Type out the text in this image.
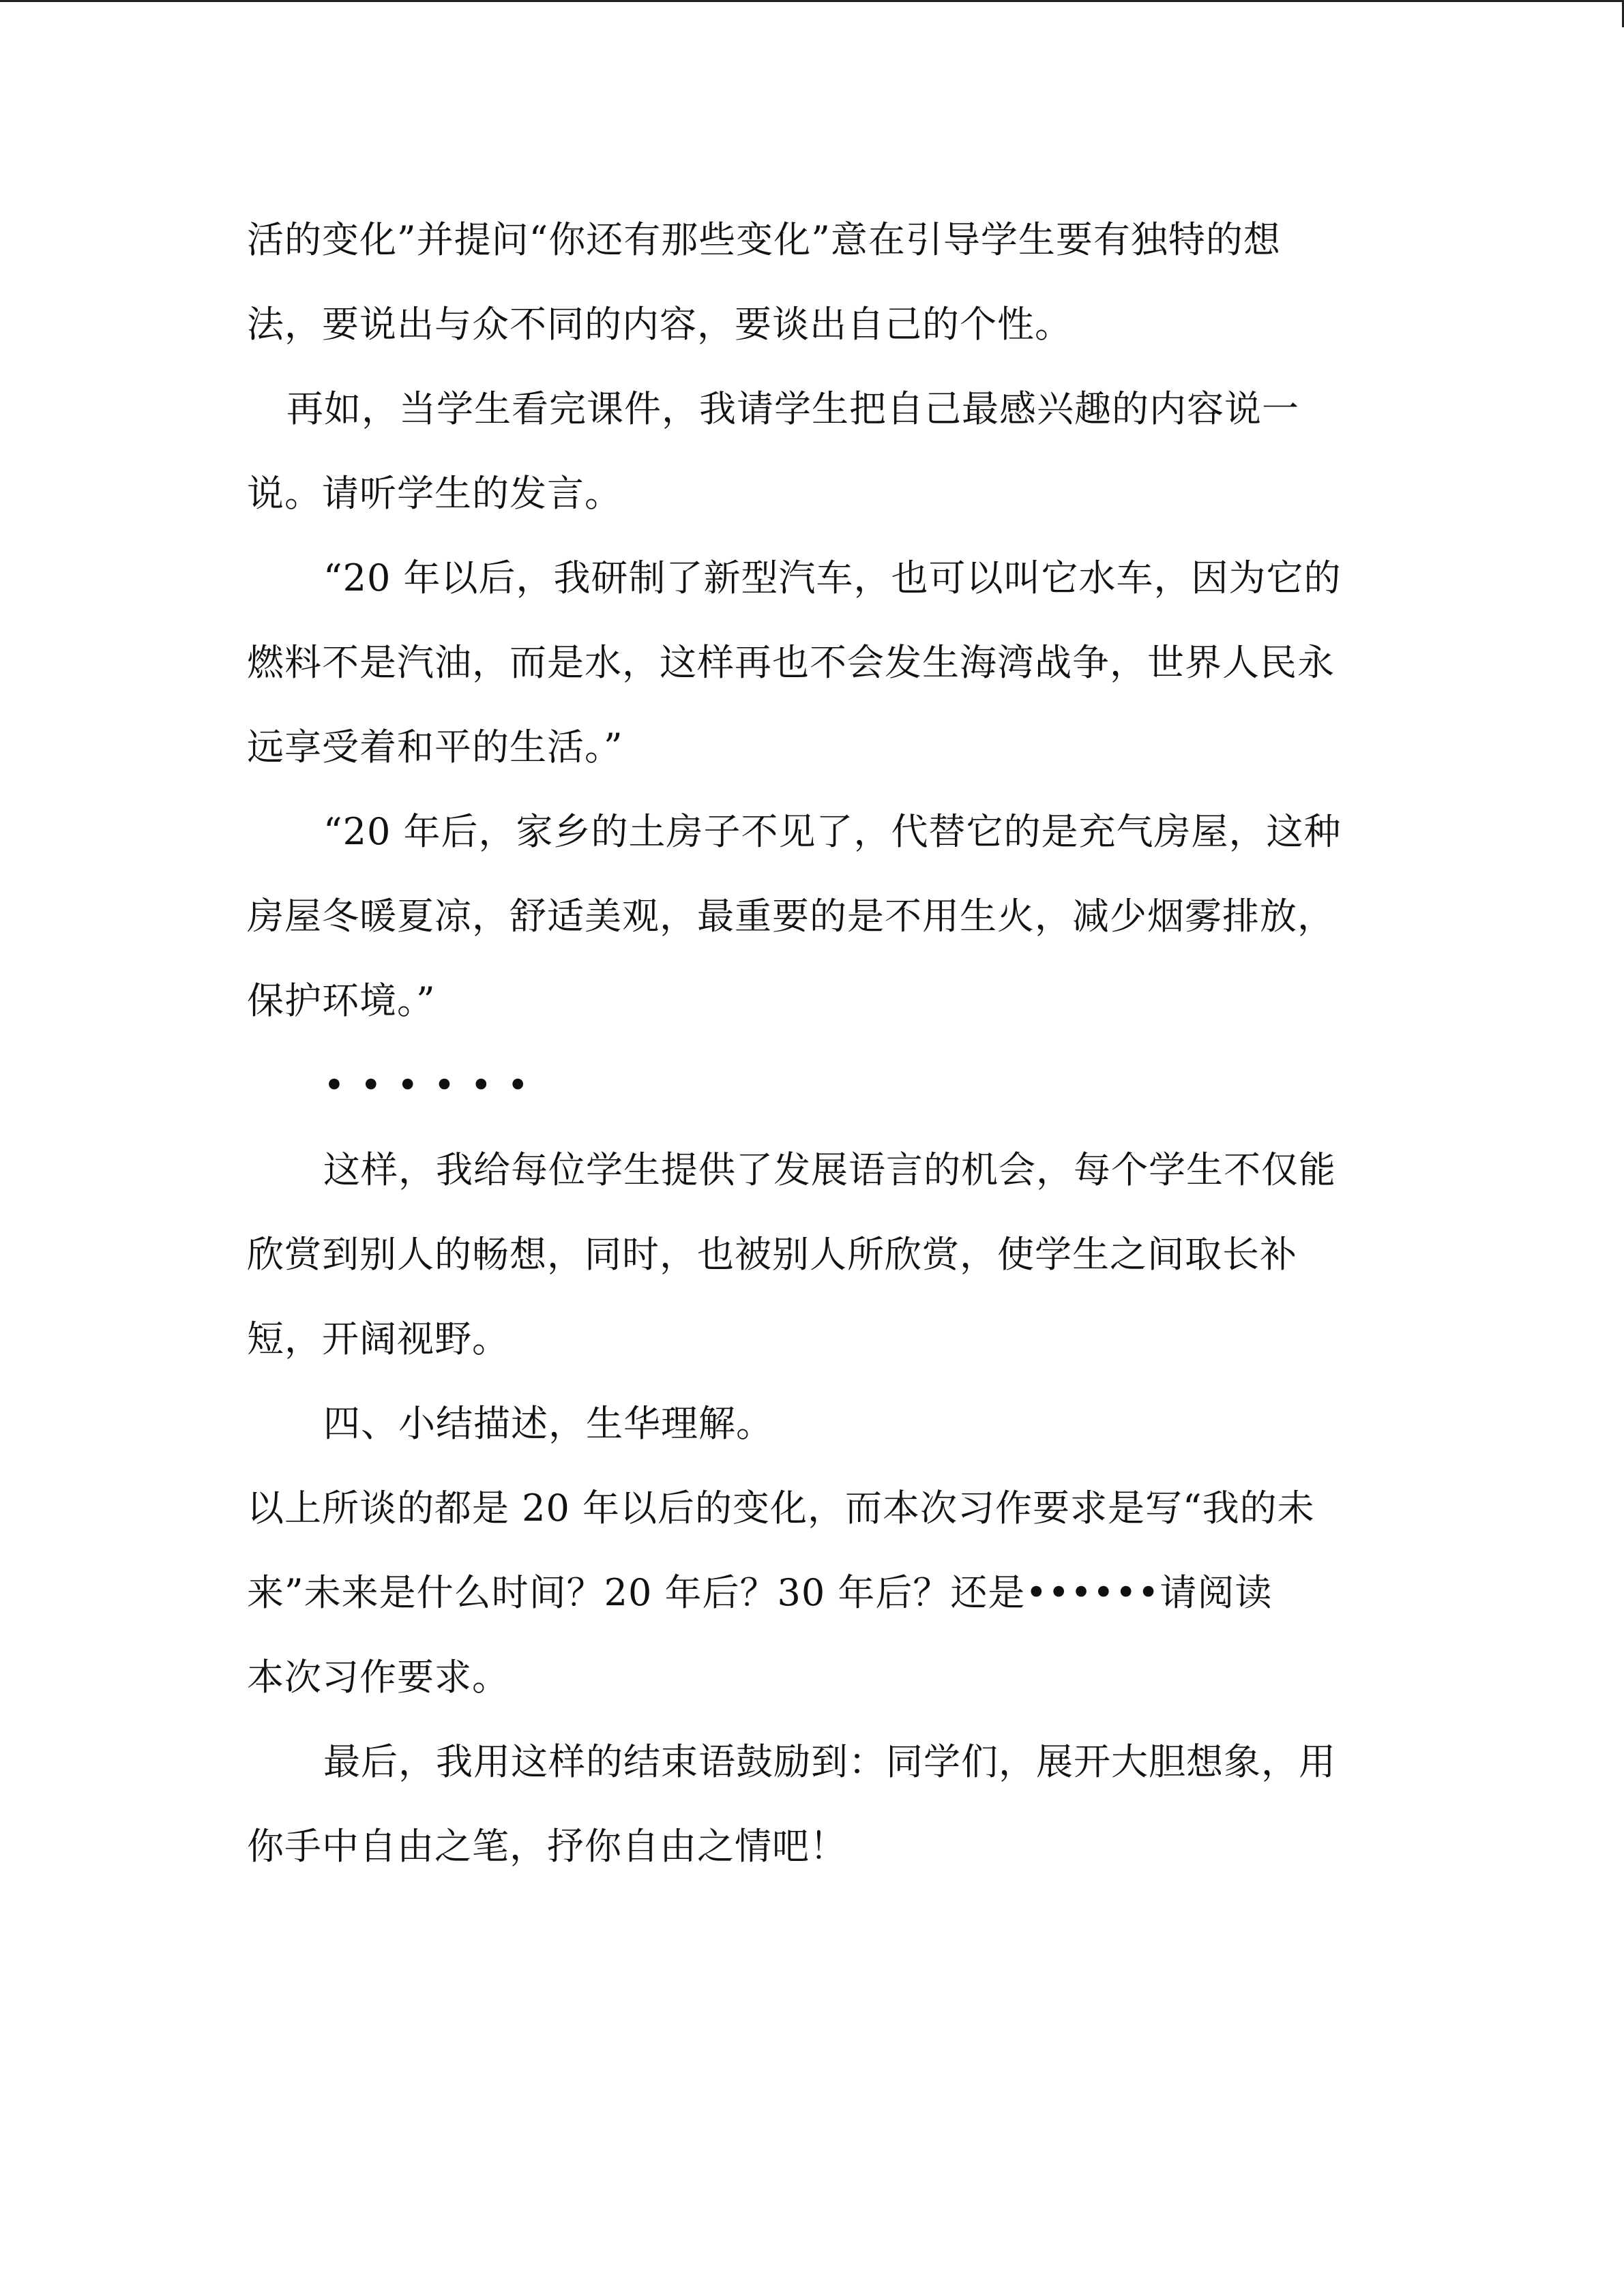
活的变化”并提问“你还有那些变化”意在引导学生要有独特的想
法，要说出与众不同的内容，要谈出自己的个性。
再如，当学生看完课件，我请学生把自己最感兴趣的内容说一
说。请听学生的发言。
“20 年以后，我研制了新型汽车，也可以叫它水车，因为它的
燃料不是汽油，而是水，这样再也不会发生海湾战争，世界人民永
远享受着和平的生活。”
“20 年后，家乡的土房子不见了，代替它的是充气房屋，这种
房屋冬暖夏凉，舒适美观，最重要的是不用生火，减少烟雾排放，
保护环境。”
••••••
这样，我给每位学生提供了发展语言的机会，每个学生不仅能
欣赏到别人的畅想，同时，也被别人所欣赏，使学生之间取长补
短，开阔视野。
四、小结描述，生华理解。
以上所谈的都是 20 年以后的变化，而本次习作要求是写“我的未
来”未来是什么时间？20 年后？30 年后？还是••••••请阅读
本次习作要求。
最后，我用这样的结束语鼓励到：同学们，展开大胆想象，用
你手中自由之笔，抒你自由之情吧！
